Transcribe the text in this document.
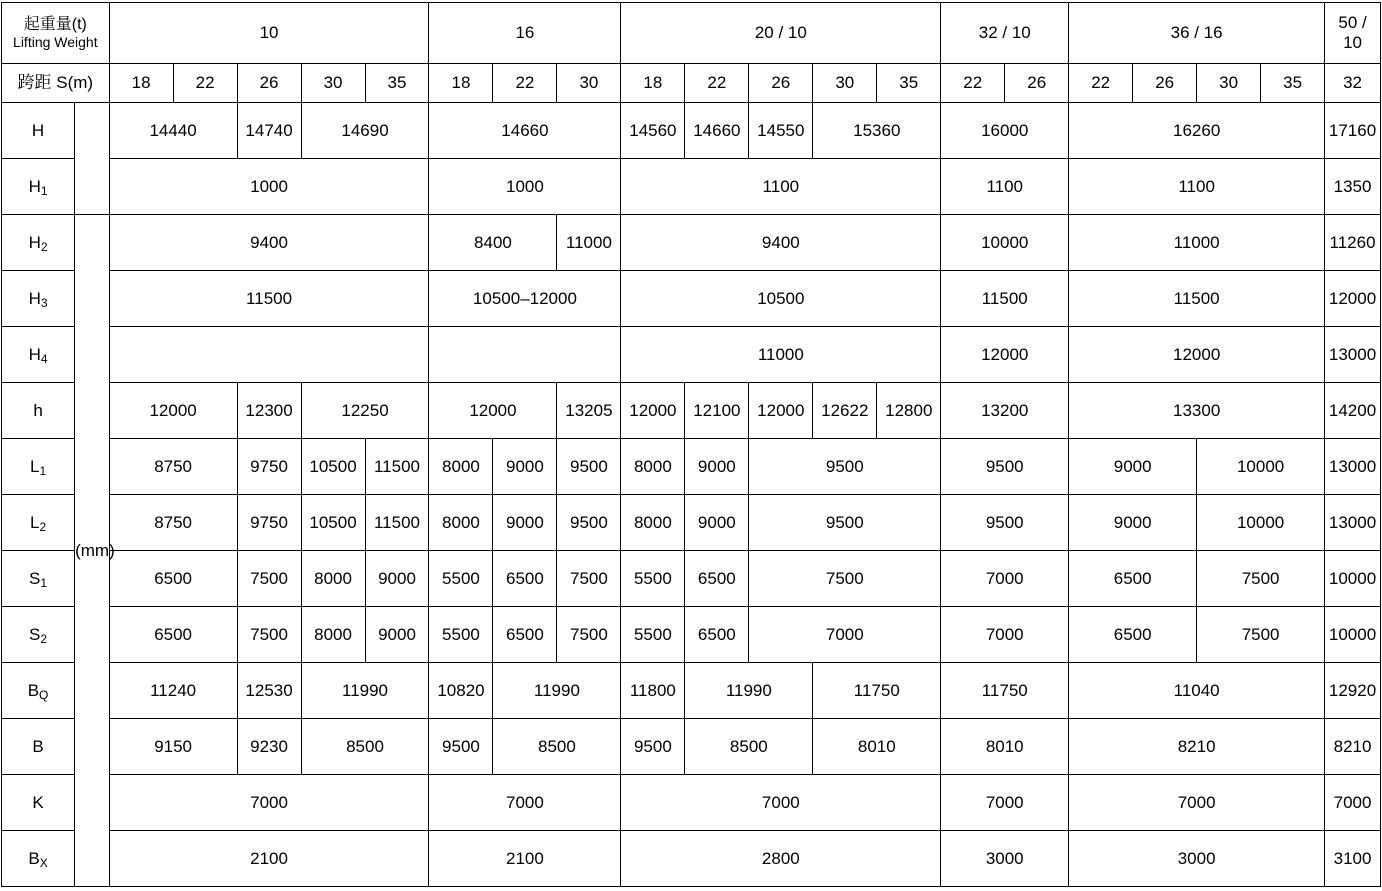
起重量(t)
Lifting Weight		10					16			20 / 10					32 / 10		36 / 16				50 /
10
跨距 S(m)		18	22	26	30	35	18	22	30	18	22	26	30	35	22	26	22	26	30	35	32
H		14440		14740	14690		14660			14560	14660	14550	15360		16000		16260				17160
$H_1$		1000					1000			1100					1100		1100				1350
$H_2$	(mm)	9400					8400		11000	9400					10000		11000				11260
$H_3$		11500					10500–12000			10500					11500		11500				12000
$H_4$										11000					12000		12000				13000
h		12000		12300	12250		12000		13205	12000	12100	12000	12622	12800	13200		13300				14200
$L_1$		8750		9750	10500	11500	8000	9000	9500	8000	9000	9500			9500		9000		10000		13000
$L_2$		8750		9750	10500	11500	8000	9000	9500	8000	9000	9500			9500		9000		10000		13000
$S_1$		6500		7500	8000	9000	5500	6500	7500	5500	6500	7500			7000		6500		7500		10000
$S_2$		6500		7500	8000	9000	5500	6500	7500	5500	6500	7000			7000		6500		7500		10000
$B_Q$		11240		12530	11990		10820	11990		11800	11990		11750		11750		11040				12920
B		9150		9230	8500		9500	8500		9500	8500		8010		8010		8210				8210
K		7000					7000			7000					7000		7000				7000
$B_X$		2100					2100			2800					3000		3000				3100
